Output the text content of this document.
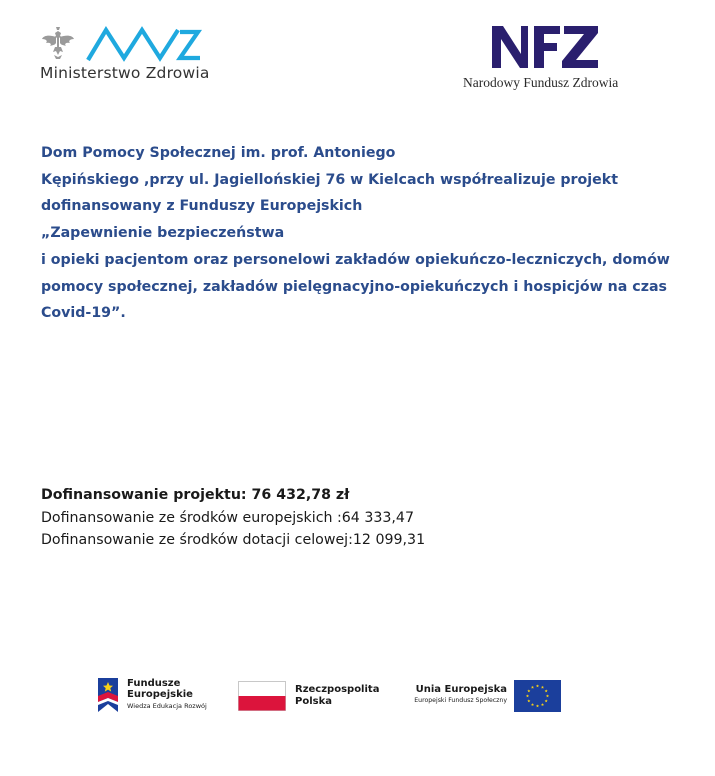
Ministerstwo Zdrowia
Narodowy Fundusz Zdrowia
Dom Pomocy Społecznej im. prof. Antoniego
Kępińskiego ,przy ul. Jagiellońskiej 76 w Kielcach współrealizuje projekt
dofinansowany z Funduszy Europejskich
„Zapewnienie bezpieczeństwa
i opieki pacjentom oraz personelowi zakładów opiekuńczo-leczniczych, domów
pomocy społecznej, zakładów pielęgnacyjno-opiekuńczych i hospicjów na czas
Covid-19”.
Dofinansowanie projektu: 76 432,78 zł
Dofinansowanie ze środków europejskich :64 333,47
Dofinansowanie ze środków dotacji celowej:12 099,31
Fundusze
Europejskie
Wiedza Edukacja Rozwój
Rzeczpospolita
Polska
Unia Europejska
Europejski Fundusz Społeczny
